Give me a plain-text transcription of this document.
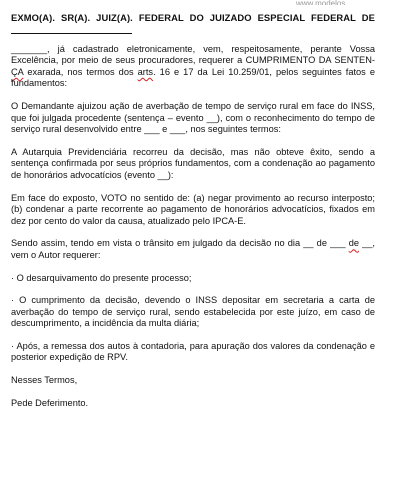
www.modelos...
EXMO(A). SR(A). JUIZ(A). FEDERAL DO JUIZADO ESPECIAL FEDERAL DE

_______, já cadastrado eletronicamente, vem, respeitosamente, perante Vossa Excelência, por meio de seus procuradores, requerer a CUMPRIMENTO DA SENTEN-ÇA exarada, nos termos dos arts. 16 e 17 da Lei 10.259/01, pelos seguintes fatos e fundamentos:

O Demandante ajuizou ação de averbação de tempo de serviço rural em face do INSS, que foi julgada procedente (sentença – evento __), com o reconhecimento do tempo de serviço rural desenvolvido entre ___ e ___, nos seguintes termos:

A Autarquia Previdenciária recorreu da decisão, mas não obteve êxito, sendo a sentença confirmada por seus próprios fundamentos, com a condenação ao pagamento de honorários advocatícios (evento __):

Em face do exposto, VOTO no sentido de: (a) negar provimento ao recurso interposto; (b) condenar a parte recorrente ao pagamento de honorários advocatícios, fixados em dez por cento do valor da causa, atualizado pelo IPCA-E.

Sendo assim, tendo em vista o trânsito em julgado da decisão no dia __ de ___ de __, vem o Autor requerer:

· O desarquivamento do presente processo;

· O cumprimento da decisão, devendo o INSS depositar em secretaria a carta de averbação do tempo de serviço rural, sendo estabelecida por este juízo, em caso de descumprimento, a incidência da multa diária;

· Após, a remessa dos autos à contadoria, para apuração dos valores da condenação e posterior expedição de RPV.

Nesses Termos,

Pede Deferimento.
